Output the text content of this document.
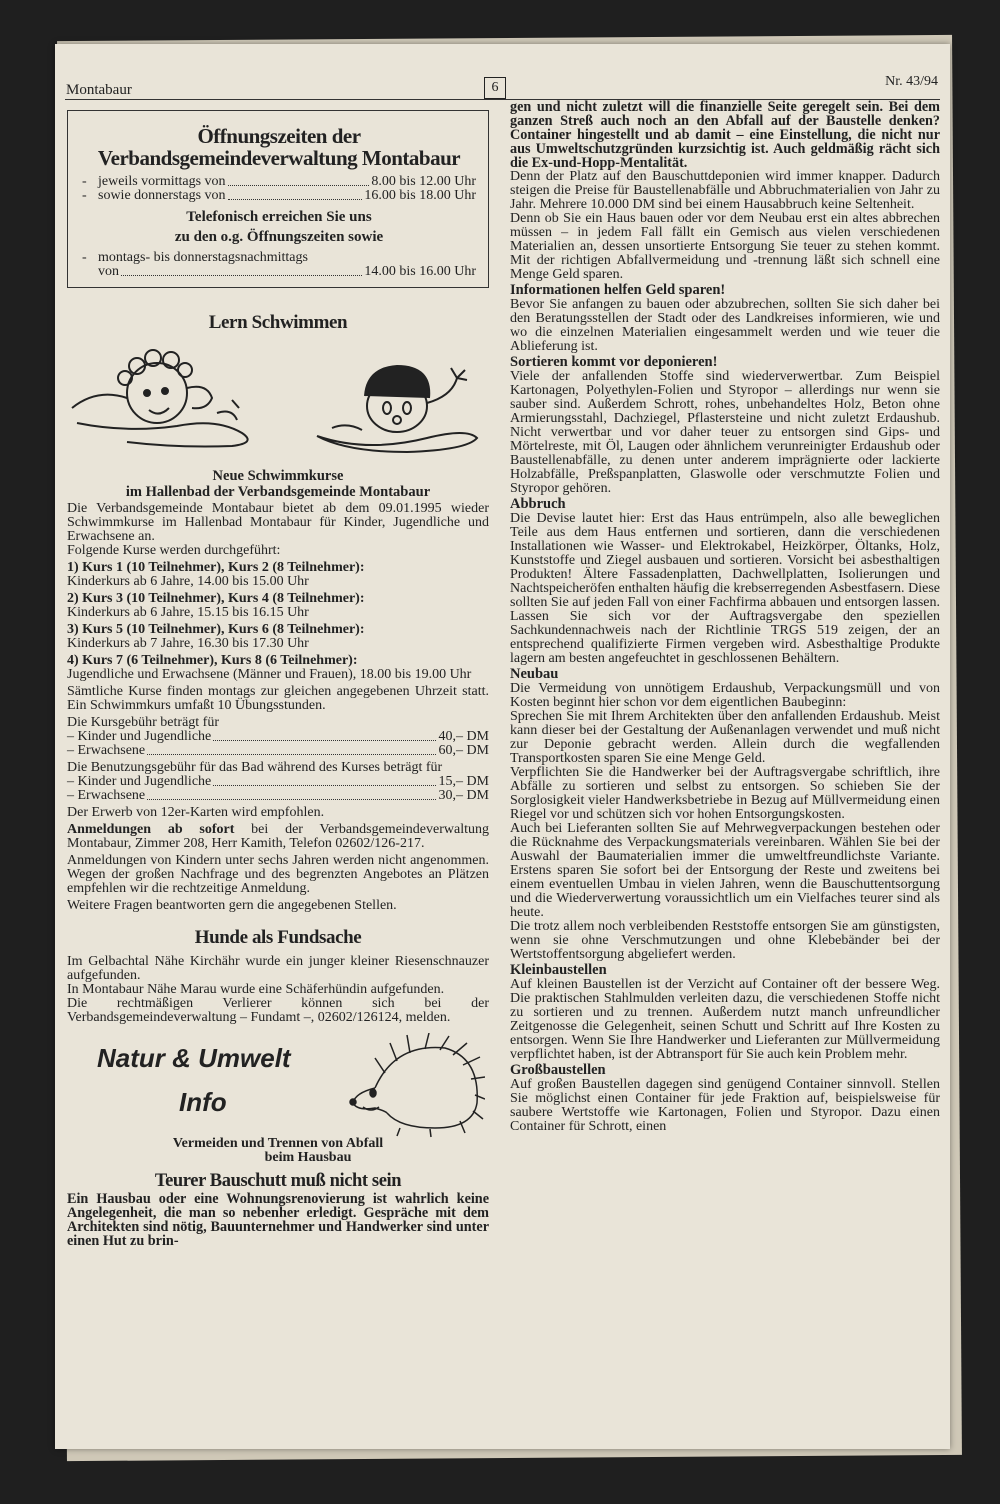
Montabaur	6	Nr. 43/94
Öffnungszeiten der Verbandsgemeindeverwaltung Montabaur
- jeweils vormittags von	8.00 bis 12.00 Uhr
- sowie donnerstags von	16.00 bis 18.00 Uhr
Telefonisch erreichen Sie uns
zu den o.g. Öffnungszeiten sowie
- montags- bis donnerstagsnachmittags
von	14.00 bis 16.00 Uhr
Lern Schwimmen
Neue Schwimmkurse
im Hallenbad der Verbandsgemeinde Montabaur

Die Verbandsgemeinde Montabaur bietet ab dem 09.01.1995 wieder Schwimmkurse im Hallenbad Montabaur für Kinder, Jugendliche und Erwachsene an.

Folgende Kurse werden durchgeführt:

1) Kurs 1 (10 Teilnehmer), Kurs 2 (8 Teilnehmer):

Kinderkurs ab 6 Jahre, 14.00 bis 15.00 Uhr

2) Kurs 3 (10 Teilnehmer), Kurs 4 (8 Teilnehmer):

Kinderkurs ab 6 Jahre, 15.15 bis 16.15 Uhr

3) Kurs 5 (10 Teilnehmer), Kurs 6 (8 Teilnehmer):

Kinderkurs ab 7 Jahre, 16.30 bis 17.30 Uhr

4) Kurs 7 (6 Teilnehmer), Kurs 8 (6 Teilnehmer):

Jugendliche und Erwachsene (Männer und Frauen), 18.00 bis 19.00 Uhr

Sämtliche Kurse finden montags zur gleichen angegebenen Uhrzeit statt. Ein Schwimmkurs umfaßt 10 Übungsstunden.

Die Kursgebühr beträgt für

– Kinder und Jugendliche	40,– DM
– Erwachsene	60,– DM

Die Benutzungsgebühr für das Bad während des Kurses beträgt für

– Kinder und Jugendliche	15,– DM
– Erwachsene	30,– DM

Der Erwerb von 12er-Karten wird empfohlen.

Anmeldungen ab sofort bei der Verbandsgemeindeverwaltung Montabaur, Zimmer 208, Herr Kamith, Telefon 02602/126-217.

Anmeldungen von Kindern unter sechs Jahren werden nicht angenommen. Wegen der großen Nachfrage und des begrenzten Angebotes an Plätzen empfehlen wir die rechtzeitige Anmeldung.

Weitere Fragen beantworten gern die angegebenen Stellen.

Hunde als Fundsache

Im Gelbachtal Nähe Kirchähr wurde ein junger kleiner Riesenschnauzer aufgefunden.

In Montabaur Nähe Marau wurde eine Schäferhündin aufgefunden.

Die rechtmäßigen Verlierer können sich bei der Verbandsgemeindeverwaltung – Fundamt –, 02602/126124, melden.

Natur & Umwelt
Info
Vermeiden und Trennen von Abfall
beim Hausbau
Teurer Bauschutt muß nicht sein

Ein Hausbau oder eine Wohnungsrenovierung ist wahrlich keine Angelegenheit, die man so nebenher erledigt. Gespräche mit dem Architekten sind nötig, Bauunternehmer und Handwerker sind unter einen Hut zu brin-

gen und nicht zuletzt will die finanzielle Seite geregelt sein. Bei dem ganzen Streß auch noch an den Abfall auf der Baustelle denken? Container hingestellt und ab damit – eine Einstellung, die nicht nur aus Umweltschutzgründen kurzsichtig ist. Auch geldmäßig rächt sich die Ex-und-Hopp-Mentalität.

Denn der Platz auf den Bauschuttdeponien wird immer knapper. Dadurch steigen die Preise für Baustellenabfälle und Abbruchmaterialien von Jahr zu Jahr. Mehrere 10.000 DM sind bei einem Hausabbruch keine Seltenheit.

Denn ob Sie ein Haus bauen oder vor dem Neubau erst ein altes abbrechen müssen – in jedem Fall fällt ein Gemisch aus vielen verschiedenen Materialien an, dessen unsortierte Entsorgung Sie teuer zu stehen kommt. Mit der richtigen Abfallvermeidung und -trennung läßt sich schnell eine Menge Geld sparen.

Informationen helfen Geld sparen!

Bevor Sie anfangen zu bauen oder abzubrechen, sollten Sie sich daher bei den Beratungsstellen der Stadt oder des Landkreises informieren, wie und wo die einzelnen Materialien eingesammelt werden und wie teuer die Ablieferung ist.

Sortieren kommt vor deponieren!

Viele der anfallenden Stoffe sind wiederverwertbar. Zum Beispiel Kartonagen, Polyethylen-Folien und Styropor – allerdings nur wenn sie sauber sind. Außerdem Schrott, rohes, unbehandeltes Holz, Beton ohne Armierungsstahl, Dachziegel, Pflastersteine und nicht zuletzt Erdaushub. Nicht verwertbar und vor daher teuer zu entsorgen sind Gips- und Mörtelreste, mit Öl, Laugen oder ähnlichem verunreinigter Erdaushub oder Baustellenabfälle, zu denen unter anderem imprägnierte oder lackierte Holzabfälle, Preßspanplatten, Glaswolle oder verschmutzte Folien und Styropor gehören.

Abbruch

Die Devise lautet hier: Erst das Haus entrümpeln, also alle beweglichen Teile aus dem Haus entfernen und sortieren, dann die verschiedenen Installationen wie Wasser- und Elektrokabel, Heizkörper, Öltanks, Holz, Kunststoffe und Ziegel ausbauen und sortieren. Vorsicht bei asbesthaltigen Produkten! Ältere Fassadenplatten, Dachwellplatten, Isolierungen und Nachtspeicheröfen enthalten häufig die krebserregenden Asbestfasern. Diese sollten Sie auf jeden Fall von einer Fachfirma abbauen und entsorgen lassen. Lassen Sie sich vor der Auftragsvergabe den speziellen Sachkundennachweis nach der Richtlinie TRGS 519 zeigen, der an entsprechend qualifizierte Firmen vergeben wird. Asbesthaltige Produkte lagern am besten angefeuchtet in geschlossenen Behältern.

Neubau

Die Vermeidung von unnötigem Erdaushub, Verpackungsmüll und von Kosten beginnt hier schon vor dem eigentlichen Baubeginn:

Sprechen Sie mit Ihrem Architekten über den anfallenden Erdaushub. Meist kann dieser bei der Gestaltung der Außenanlagen verwendet und muß nicht zur Deponie gebracht werden. Allein durch die wegfallenden Transportkosten sparen Sie eine Menge Geld.

Verpflichten Sie die Handwerker bei der Auftragsvergabe schriftlich, ihre Abfälle zu sortieren und selbst zu entsorgen. So schieben Sie der Sorglosigkeit vieler Handwerksbetriebe in Bezug auf Müllvermeidung einen Riegel vor und schützen sich vor hohen Entsorgungskosten.

Auch bei Lieferanten sollten Sie auf Mehrwegverpackungen bestehen oder die Rücknahme des Verpackungsmaterials vereinbaren. Wählen Sie bei der Auswahl der Baumaterialien immer die umweltfreundlichste Variante. Erstens sparen Sie sofort bei der Entsorgung der Reste und zweitens bei einem eventuellen Umbau in vielen Jahren, wenn die Bauschuttentsorgung und die Wiederverwertung voraussichtlich um ein Vielfaches teurer sind als heute.

Die trotz allem noch verbleibenden Reststoffe entsorgen Sie am günstigsten, wenn sie ohne Verschmutzungen und ohne Klebebänder bei der Wertstoffentsorgung abgeliefert werden.

Kleinbaustellen

Auf kleinen Baustellen ist der Verzicht auf Container oft der bessere Weg. Die praktischen Stahlmulden verleiten dazu, die verschiedenen Stoffe nicht zu sortieren und zu trennen. Außerdem nutzt manch unfreundlicher Zeitgenosse die Gelegenheit, seinen Schutt und Schritt auf Ihre Kosten zu entsorgen. Wenn Sie Ihre Handwerker und Lieferanten zur Müllvermeidung verpflichtet haben, ist der Abtransport für Sie auch kein Problem mehr.

Großbaustellen

Auf großen Baustellen dagegen sind genügend Container sinnvoll. Stellen Sie möglichst einen Container für jede Fraktion auf, beispielsweise für saubere Wertstoffe wie Kartonagen, Folien und Styropor. Dazu einen Container für Schrott, einen
